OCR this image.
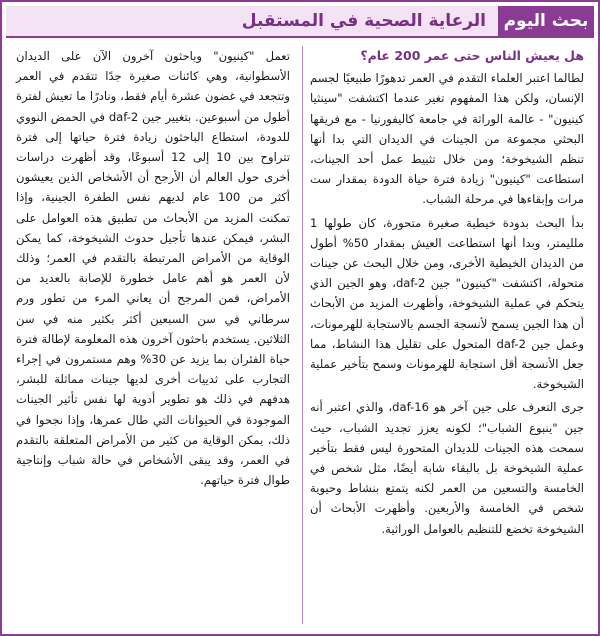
بحث اليوم
الرعاية الصحية في المستقبل
هل يعيش الناس حتى عمر 200 عام؟

لطالما اعتبر العلماء التقدم في العمر تدهورًا طبيعيًا لجسم الإنسان، ولكن هذا المفهوم تغير عندما اكتشفت "سينثيا كينيون" - عالمة الوراثة في جامعة كاليفورنيا - مع فريقها البحثي مجموعة من الجينات في الديدان التي بدا أنها تنظم الشيخوخة؛ ومن خلال تثبيط عمل أحد الجينات، استطاعت "كينيون" زيادة فترة حياة الدودة بمقدار ست مرات وإبقاءها في مرحلة الشباب.

بدأ البحث بدودة خيطية صغيرة متحورة، كان طولها 1 ملليمتر، وبدا أنها استطاعت العيش بمقدار 50% أطول من الديدان الخيطية الأخرى، ومن خلال البحث عن جينات متحولة، اكتشفت "كينيون" جين daf-2، وهو الجين الذي يتحكم في عملية الشيخوخة، وأظهرت المزيد من الأبحاث أن هذا الجين يسمح لأنسجة الجسم بالاستجابة للهرمونات، وعمل جين daf-2 المتحول على تقليل هذا النشاط، مما جعل الأنسجة أقل استجابة للهرمونات وسمح بتأخير عملية الشيخوخة.

جرى التعرف على جين آخر هو daf-16، والذي اعتبر أنه جين "ينبوع الشباب"؛ لكونه يعزز تجديد الشباب، حيث سمحت هذه الجينات للديدان المتحورة ليس فقط بتأخير عملية الشيخوخة بل بالبقاء شابة أيضًا، مثل شخص في الخامسة والتسعين من العمر لكنه يتمتع بنشاط وحيوية شخص في الخامسة والأربعين. وأظهرت الأبحاث أن الشيخوخة تخضع للتنظيم بالعوامل الوراثية.

تعمل "كينيون" وباحثون آخرون الآن على الديدان الأسطوانية، وهي كائنات صغيرة جدًا تتقدم في العمر وتتجعد في غضون عشرة أيام فقط، ونادرًا ما تعيش لفترة أطول من أسبوعين. بتغيير جين daf-2 في الحمض النووي للدودة، استطاع الباحثون زيادة فترة حياتها إلى فترة تتراوح بين 10 إلى 12 أسبوعًا، وقد أظهرت دراسات أخرى حول العالم أن الأرجح أن الأشخاص الذين يعيشون أكثر من 100 عام لديهم نفس الطفرة الجينية، وإذا تمكنت المزيد من الأبحاث من تطبيق هذه العوامل على البشر، فيمكن عندها تأجيل حدوث الشيخوخة، كما يمكن الوقاية من الأمراض المرتبطة بالتقدم في العمر؛ وذلك لأن العمر هو أهم عامل خطورة للإصابة بالعديد من الأمراض، فمن المرجح أن يعاني المرء من تطور ورم سرطاني في سن السبعين أكثر بكثير منه في سن الثلاثين. يستخدم باحثون آخرون هذه المعلومة لإطالة فترة حياة الفئران بما يزيد عن 30% وهم مستمرون في إجراء التجارب على ثدييات أخرى لديها جينات مماثلة للبشر، هدفهم في ذلك هو تطوير أدوية لها نفس تأثير الجينات الموجودة في الحيوانات التي طال عمرها، وإذا نجحوا في ذلك، يمكن الوقاية من كثير من الأمراض المتعلقة بالتقدم في العمر، وقد يبقى الأشخاص في حالة شباب وإنتاجية طوال فترة حياتهم.
